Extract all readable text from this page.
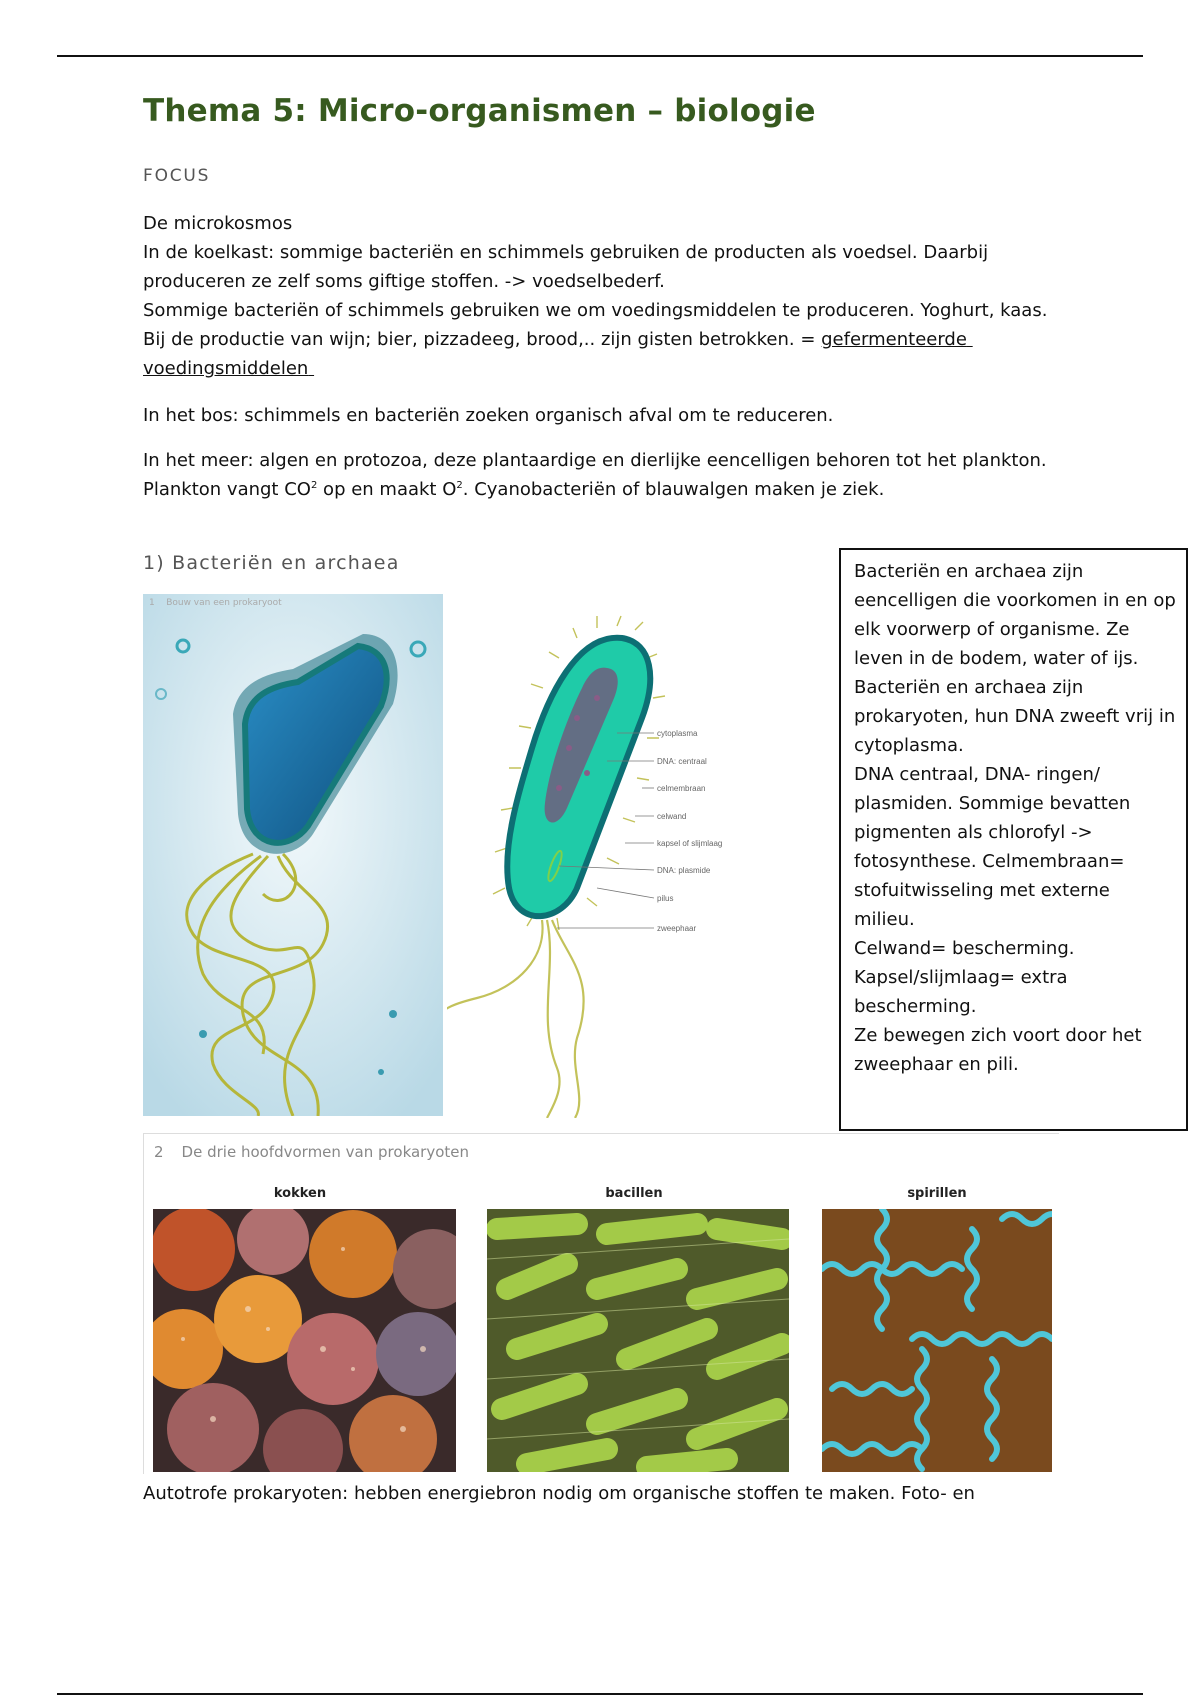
Thema 5: Micro-organismen – biologie
FOCUS

De microkosmos

In de koelkast: sommige bacteriën en schimmels gebruiken de producten als voedsel. Daarbij

produceren ze zelf soms giftige stoffen. -> voedselbederf.

Sommige bacteriën of schimmels gebruiken we om voedingsmiddelen te produceren. Yoghurt, kaas.

Bij de productie van wijn; bier, pizzadeeg, brood,.. zijn gisten betrokken. = gefermenteerde

voedingsmiddelen

In het bos: schimmels en bacteriën zoeken organisch afval om te reduceren.

In het meer: algen en protozoa, deze plantaardige en dierlijke eencelligen behoren tot het plankton.

Plankton vangt $CO^2$ op en maakt $O^2$. Cyanobacteriën of blauwalgen maken je ziek.

1) Bacteriën en archaea
1 Bouw van een prokaryoot
cytoplasma
DNA: centraal
celmembraan
celwand
kapsel of slijmlaag
DNA: plasmide
pilus
zweephaar

Bacteriën en archaea zijn

eencelligen die voorkomen in en op

elk voorwerp of organisme. Ze

leven in de bodem, water of ijs.

Bacteriën en archaea zijn

prokaryoten, hun DNA zweeft vrij in

cytoplasma.

DNA centraal, DNA- ringen/

plasmiden. Sommige bevatten

pigmenten als chlorofyl ->

fotosynthese. Celmembraan=

stofuitwisseling met externe milieu.

Celwand= bescherming.

Kapsel/slijmlaag= extra

bescherming.

Ze bewegen zich voort door het

zweephaar en pili.

2 De drie hoofdvormen van prokaryoten
kokken	bacillen	spirillen
Autotrofe prokaryoten: hebben energiebron nodig om organische stoffen te maken. Foto- en
